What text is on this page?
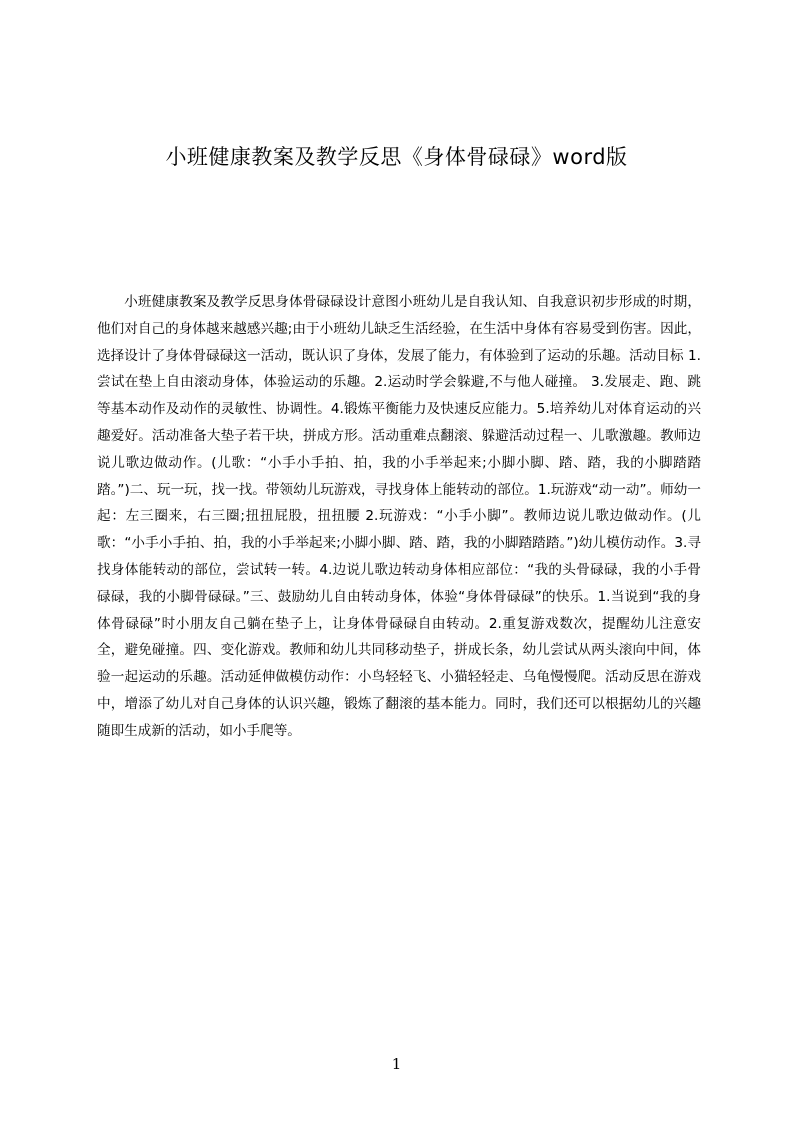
小班健康教案及教学反思《身体骨碌碌》word版

小班健康教案及教学反思身体骨碌碌设计意图小班幼儿是自我认知、自我意识初步形成的时期，他们对自己的身体越来越感兴趣;由于小班幼儿缺乏生活经验，在生活中身体有容易受到伤害。因此，选择设计了身体骨碌碌这一活动，既认识了身体，发展了能力，有体验到了运动的乐趣。活动目标 1.尝试在垫上自由滚动身体，体验运动的乐趣。2.运动时学会躲避,不与他人碰撞。 3.发展走、跑、跳等基本动作及动作的灵敏性、协调性。4.锻炼平衡能力及快速反应能力。5.培养幼儿对体育运动的兴趣爱好。活动准备大垫子若干块，拼成方形。活动重难点翻滚、躲避活动过程一、儿歌激趣。教师边说儿歌边做动作。(儿歌：“小手小手拍、拍，我的小手举起来;小脚小脚、踏、踏，我的小脚踏踏踏。”)二、玩一玩，找一找。带领幼儿玩游戏，寻找身体上能转动的部位。1.玩游戏“动一动”。师幼一起：左三圈来，右三圈;扭扭屁股，扭扭腰 2.玩游戏：“小手小脚”。教师边说儿歌边做动作。(儿歌：“小手小手拍、拍，我的小手举起来;小脚小脚、踏、踏，我的小脚踏踏踏。”)幼儿模仿动作。3.寻找身体能转动的部位，尝试转一转。4.边说儿歌边转动身体相应部位：“我的头骨碌碌，我的小手骨碌碌，我的小脚骨碌碌。”三、鼓励幼儿自由转动身体，体验“身体骨碌碌”的快乐。1.当说到“我的身体骨碌碌”时小朋友自己躺在垫子上，让身体骨碌碌自由转动。2.重复游戏数次，提醒幼儿注意安全，避免碰撞。四、变化游戏。教师和幼儿共同移动垫子，拼成长条，幼儿尝试从两头滚向中间，体验一起运动的乐趣。活动延伸做模仿动作：小鸟轻轻飞、小猫轻轻走、乌龟慢慢爬。活动反思在游戏中，增添了幼儿对自己身体的认识兴趣，锻炼了翻滚的基本能力。同时，我们还可以根据幼儿的兴趣随即生成新的活动，如小手爬等。

1
